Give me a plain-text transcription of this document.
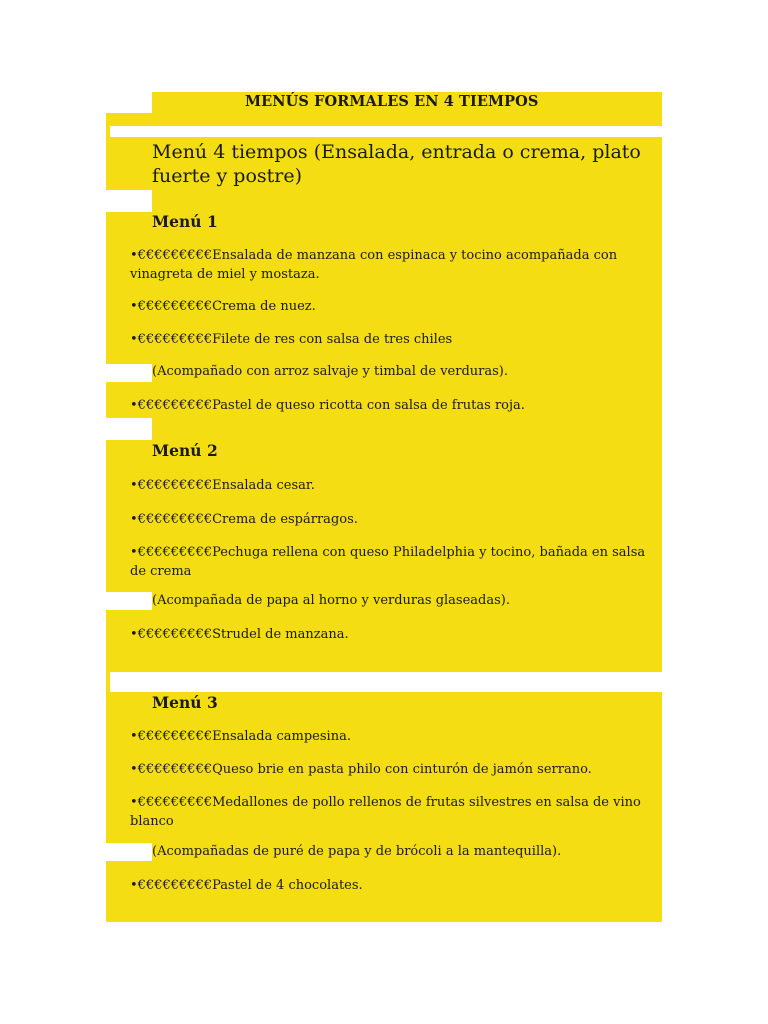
MENÚS FORMALES EN 4 TIEMPOS
Menú 4 tiempos (Ensalada, entrada o crema, plato fuerte y postre)
Menú 1
•€€€€€€€€€Ensalada de manzana con espinaca y tocino acompañada con vinagreta de miel y mostaza.
•€€€€€€€€€Crema de nuez.
•€€€€€€€€€Filete de res con salsa de tres chiles
(Acompañado con arroz salvaje y timbal de verduras).
•€€€€€€€€€Pastel de queso ricotta con salsa de frutas roja.
Menú 2
•€€€€€€€€€Ensalada cesar.
•€€€€€€€€€Crema de espárragos.
•€€€€€€€€€Pechuga rellena con queso Philadelphia y tocino, bañada en salsa de crema
(Acompañada de papa al horno y verduras glaseadas).
•€€€€€€€€€Strudel de manzana.
Menú 3
•€€€€€€€€€Ensalada campesina.
•€€€€€€€€€Queso brie en pasta philo con cinturón de jamón serrano.
•€€€€€€€€€Medallones de pollo rellenos de frutas silvestres en salsa de vino blanco
(Acompañadas de puré de papa y de brócoli a la mantequilla).
•€€€€€€€€€Pastel de 4 chocolates.
